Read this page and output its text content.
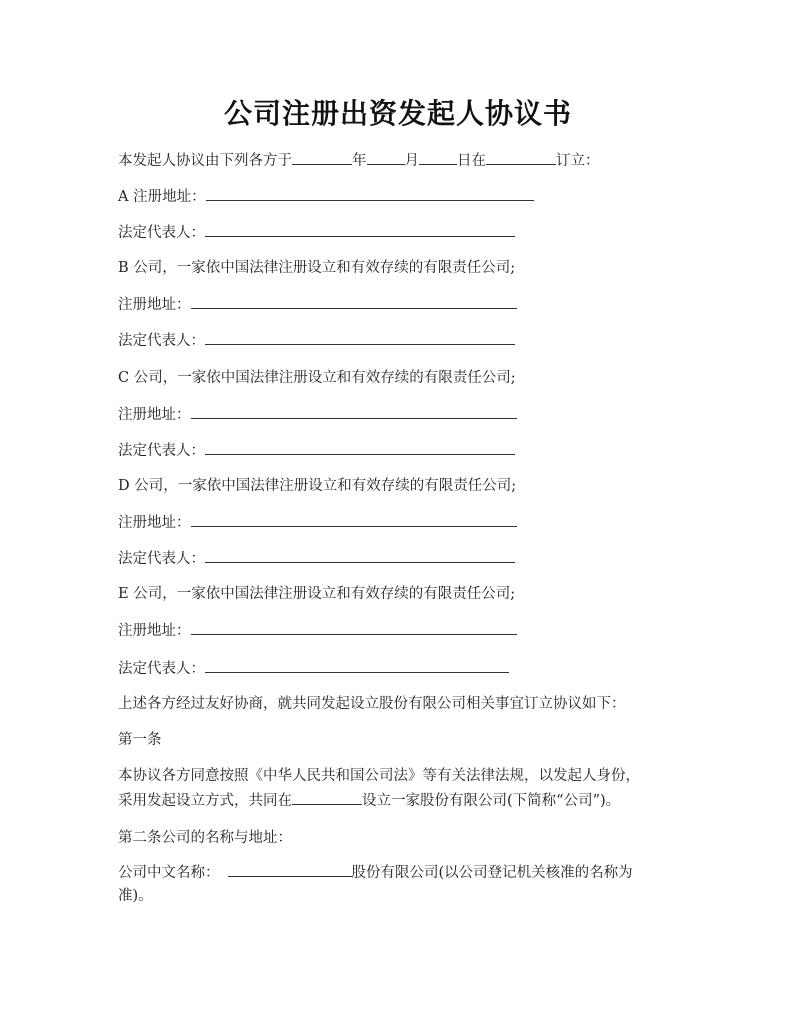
公司注册出资发起人协议书
本发起人协议由下列各方于	年	月	日在	订立：
A 注册地址：
法定代表人：
B 公司，一家依中国法律注册设立和有效存续的有限责任公司;
注册地址：
法定代表人：
C 公司，一家依中国法律注册设立和有效存续的有限责任公司;
注册地址：
法定代表人：
D 公司，一家依中国法律注册设立和有效存续的有限责任公司;
注册地址：
法定代表人：
E 公司，一家依中国法律注册设立和有效存续的有限责任公司;
注册地址：
法定代表人：
上述各方经过友好协商，就共同发起设立股份有限公司相关事宜订立协议如下：
第一条
本协议各方同意按照《中华人民共和国公司法》等有关法律法规，以发起人身份，
采用发起设立方式，共同在	设立一家股份有限公司(下简称“公司”)。
第二条公司的名称与地址：
公司中文名称：	股份有限公司(以公司登记机关核准的名称为
准)。
